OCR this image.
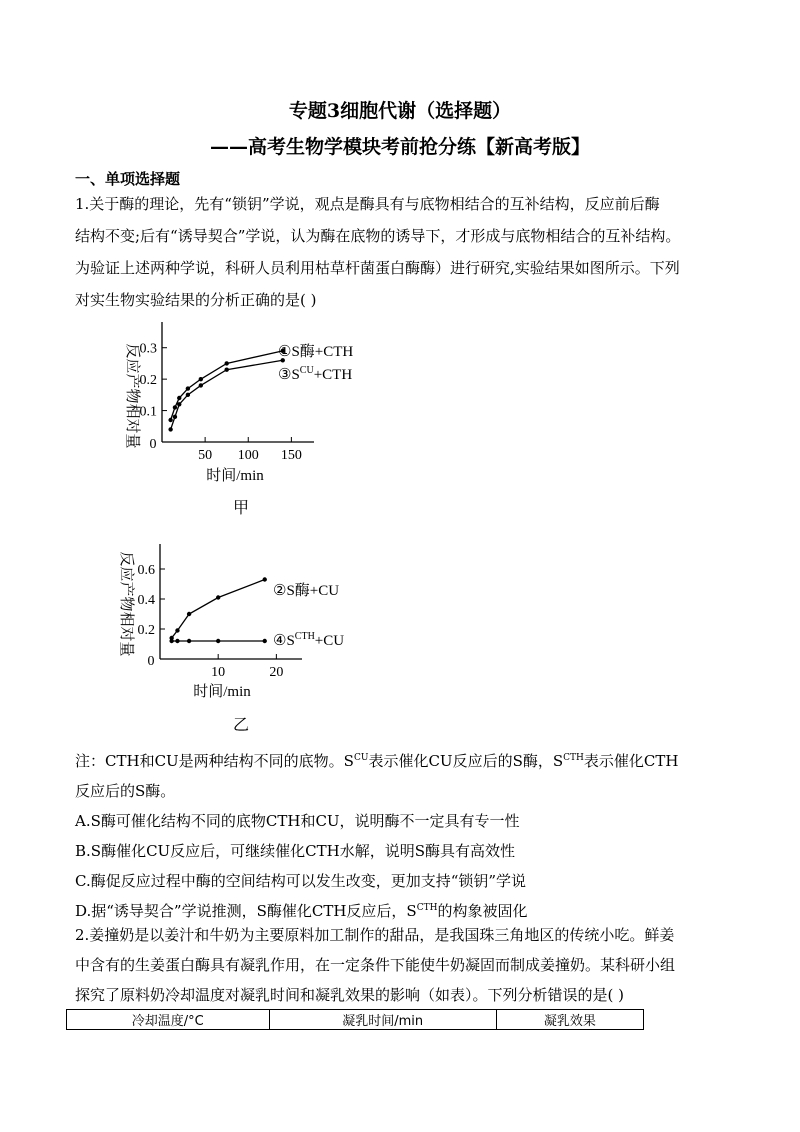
专题3细胞代谢（选择题）
——高考生物学模块考前抢分练【新高考版】
一、单项选择题
1.关于酶的理论，先有“锁钥”学说，观点是酶具有与底物相结合的互补结构，反应前后酶
结构不变;后有“诱导契合”学说，认为酶在底物的诱导下，才形成与底物相结合的互补结构。
为验证上述两种学说，科研人员利用枯草杆菌蛋白酶酶）进行研究,实验结果如图所示。下列
对实生物实验结果的分析正确的是( )
0
0.1
0.2
0.3
50 100 150
反应产物相对量
时间/min
①S酶+CTH
$③S^{CU}+CTH$
甲
0
0.2
0.4
0.6
10	20
反应产物相对量
时间/min
②S酶+CU
$④S^{CTH}+CU$
乙
注：CTH和CU是两种结构不同的底物。$S^{CU}$表示催化CU反应后的S酶，$S^{CTH}$表示催化CTH
反应后的S酶。
A.S酶可催化结构不同的底物CTH和CU，说明酶不一定具有专一性
B.S酶催化CU反应后，可继续催化CTH水解，说明S酶具有高效性
C.酶促反应过程中酶的空间结构可以发生改变，更加支持“锁钥”学说
D.据“诱导契合”学说推测，S酶催化CTH反应后，$S^{CTH}$的构象被固化
2.姜撞奶是以姜汁和牛奶为主要原料加工制作的甜品，是我国珠三角地区的传统小吃。鲜姜
中含有的生姜蛋白酶具有凝乳作用，在一定条件下能使牛奶凝固而制成姜撞奶。某科研小组
探究了原料奶冷却温度对凝乳时间和凝乳效果的影响（如表）。下列分析错误的是( )
冷却温度/°C	凝乳时间/min	凝乳效果
